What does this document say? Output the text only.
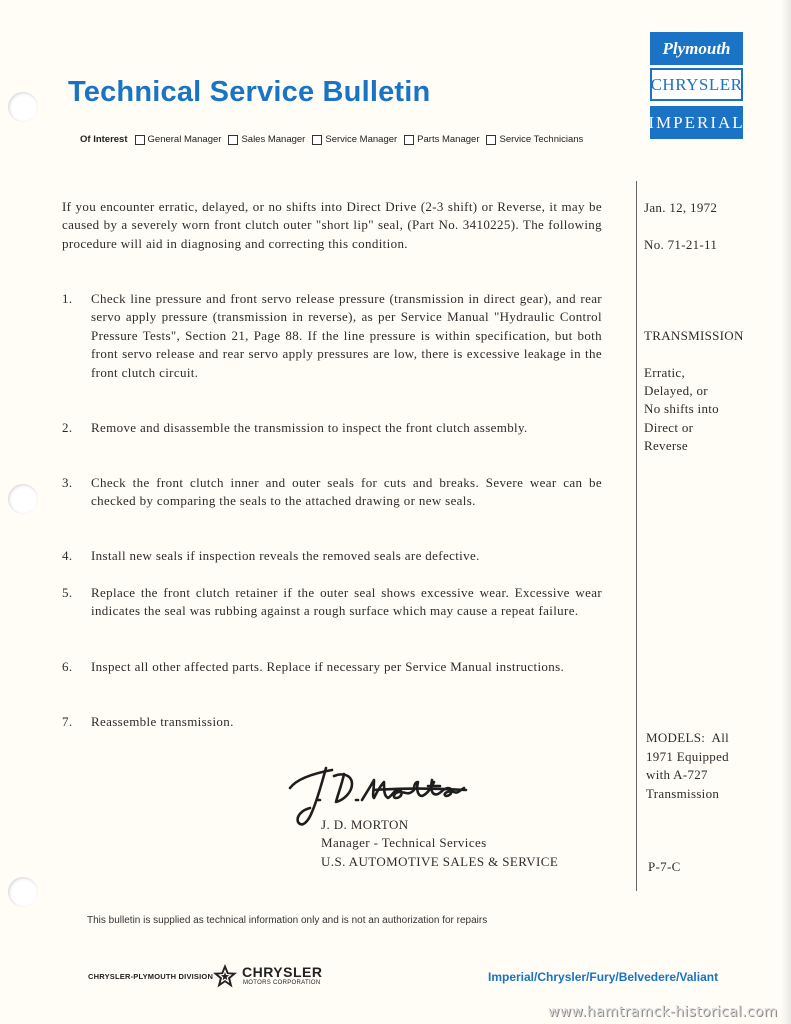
Technical Service Bulletin
Plymouth
CHRYSLER
IMPERIAL
Of Interest General Manager Sales Manager Service Manager Parts Manager Service Technicians
If you encounter erratic, delayed, or no shifts into Direct Drive (2-3 shift) or Reverse, it may be caused by a severely worn front clutch outer "short lip" seal, (Part No. 3410225). The following procedure will aid in diagnosing and correcting this condition.
1.	Check line pressure and front servo release pressure (transmission in direct gear), and rear servo apply pressure (transmission in reverse), as per Service Manual "Hydraulic Control Pressure Tests", Section 21, Page 88. If the line pressure is within specification, but both front servo release and rear servo apply pressures are low, there is excessive leakage in the front clutch circuit.
2.	Remove and disassemble the transmission to inspect the front clutch assembly.
3.	Check the front clutch inner and outer seals for cuts and breaks. Severe wear can be checked by comparing the seals to the attached drawing or new seals.
4.	Install new seals if inspection reveals the removed seals are defective.
5.	Replace the front clutch retainer if the outer seal shows excessive wear. Excessive wear indicates the seal was rubbing against a rough surface which may cause a repeat failure.
6.	Inspect all other affected parts. Replace if necessary per Service Manual instructions.
7.	Reassemble transmission.
Jan. 12, 1972
No. 71-21-11
TRANSMISSION
Erratic,
Delayed, or
No shifts into
Direct or
Reverse
MODELS:  All
1971 Equipped
with A-727
Transmission
P-7-C
J. D. MORTON
Manager - Technical Services
U.S. AUTOMOTIVE SALES & SERVICE
This bulletin is supplied as technical information only and is not an authorization for repairs
CHRYSLER-PLYMOUTH DIVISION CHRYSLER
MOTORS CORPORATION	Imperial/Chrysler/Fury/Belvedere/Valiant
www.hamtramck-historical.com
